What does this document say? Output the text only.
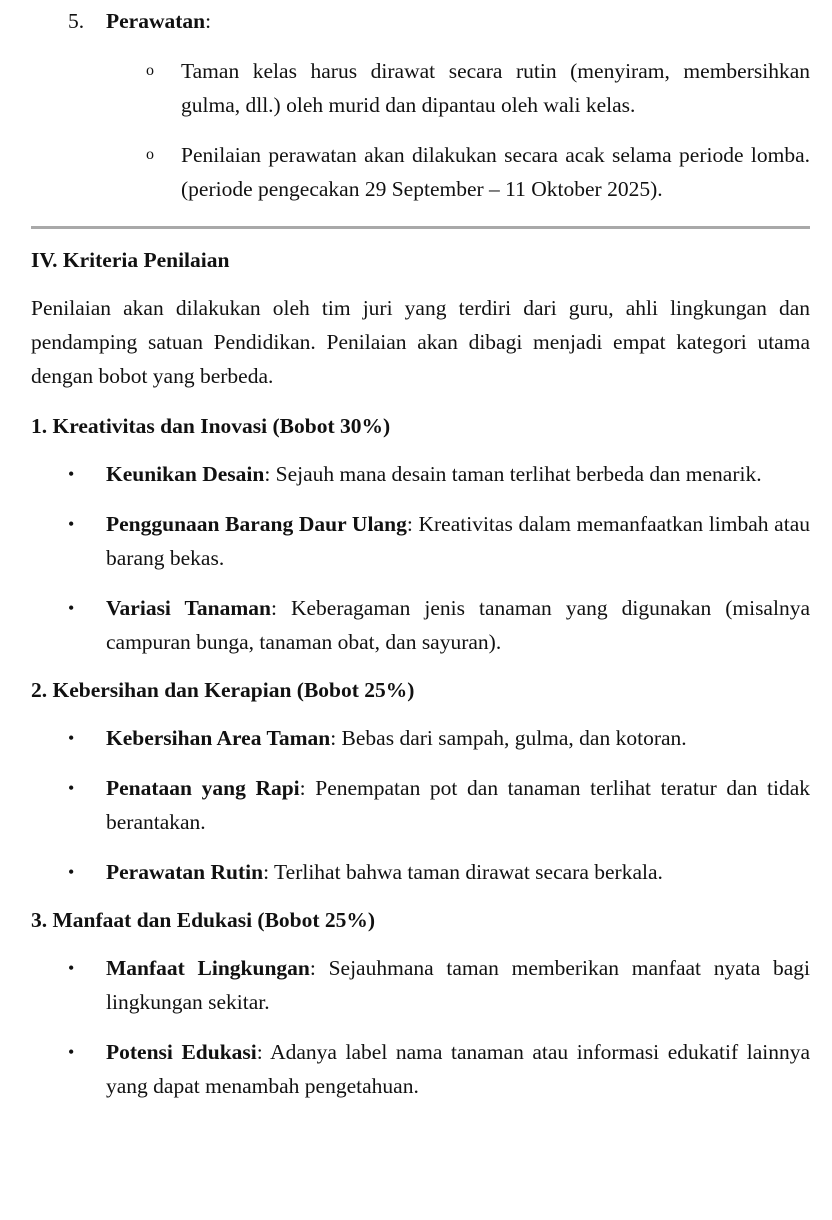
5.	Perawatan:
o	Taman kelas harus dirawat secara rutin (menyiram, membersihkan gulma, dll.) oleh murid dan dipantau oleh wali kelas.
o	Penilaian perawatan akan dilakukan secara acak selama periode lomba. (periode pengecakan 29 September – 11 Oktober 2025).
IV. Kriteria Penilaian
Penilaian akan dilakukan oleh tim juri yang terdiri dari guru, ahli lingkungan dan pendamping satuan Pendidikan. Penilaian akan dibagi menjadi empat kategori utama dengan bobot yang berbeda.
1. Kreativitas dan Inovasi (Bobot 30%)
•	Keunikan Desain: Sejauh mana desain taman terlihat berbeda dan menarik.
•	Penggunaan Barang Daur Ulang: Kreativitas dalam memanfaatkan limbah atau barang bekas.
•	Variasi Tanaman: Keberagaman jenis tanaman yang digunakan (misalnya campuran bunga, tanaman obat, dan sayuran).
2. Kebersihan dan Kerapian (Bobot 25%)
•	Kebersihan Area Taman: Bebas dari sampah, gulma, dan kotoran.
•	Penataan yang Rapi: Penempatan pot dan tanaman terlihat teratur dan tidak berantakan.
•	Perawatan Rutin: Terlihat bahwa taman dirawat secara berkala.
3. Manfaat dan Edukasi (Bobot 25%)
•	Manfaat Lingkungan: Sejauhmana taman memberikan manfaat nyata bagi lingkungan sekitar.
•	Potensi Edukasi: Adanya label nama tanaman atau informasi edukatif lainnya yang dapat menambah pengetahuan.
